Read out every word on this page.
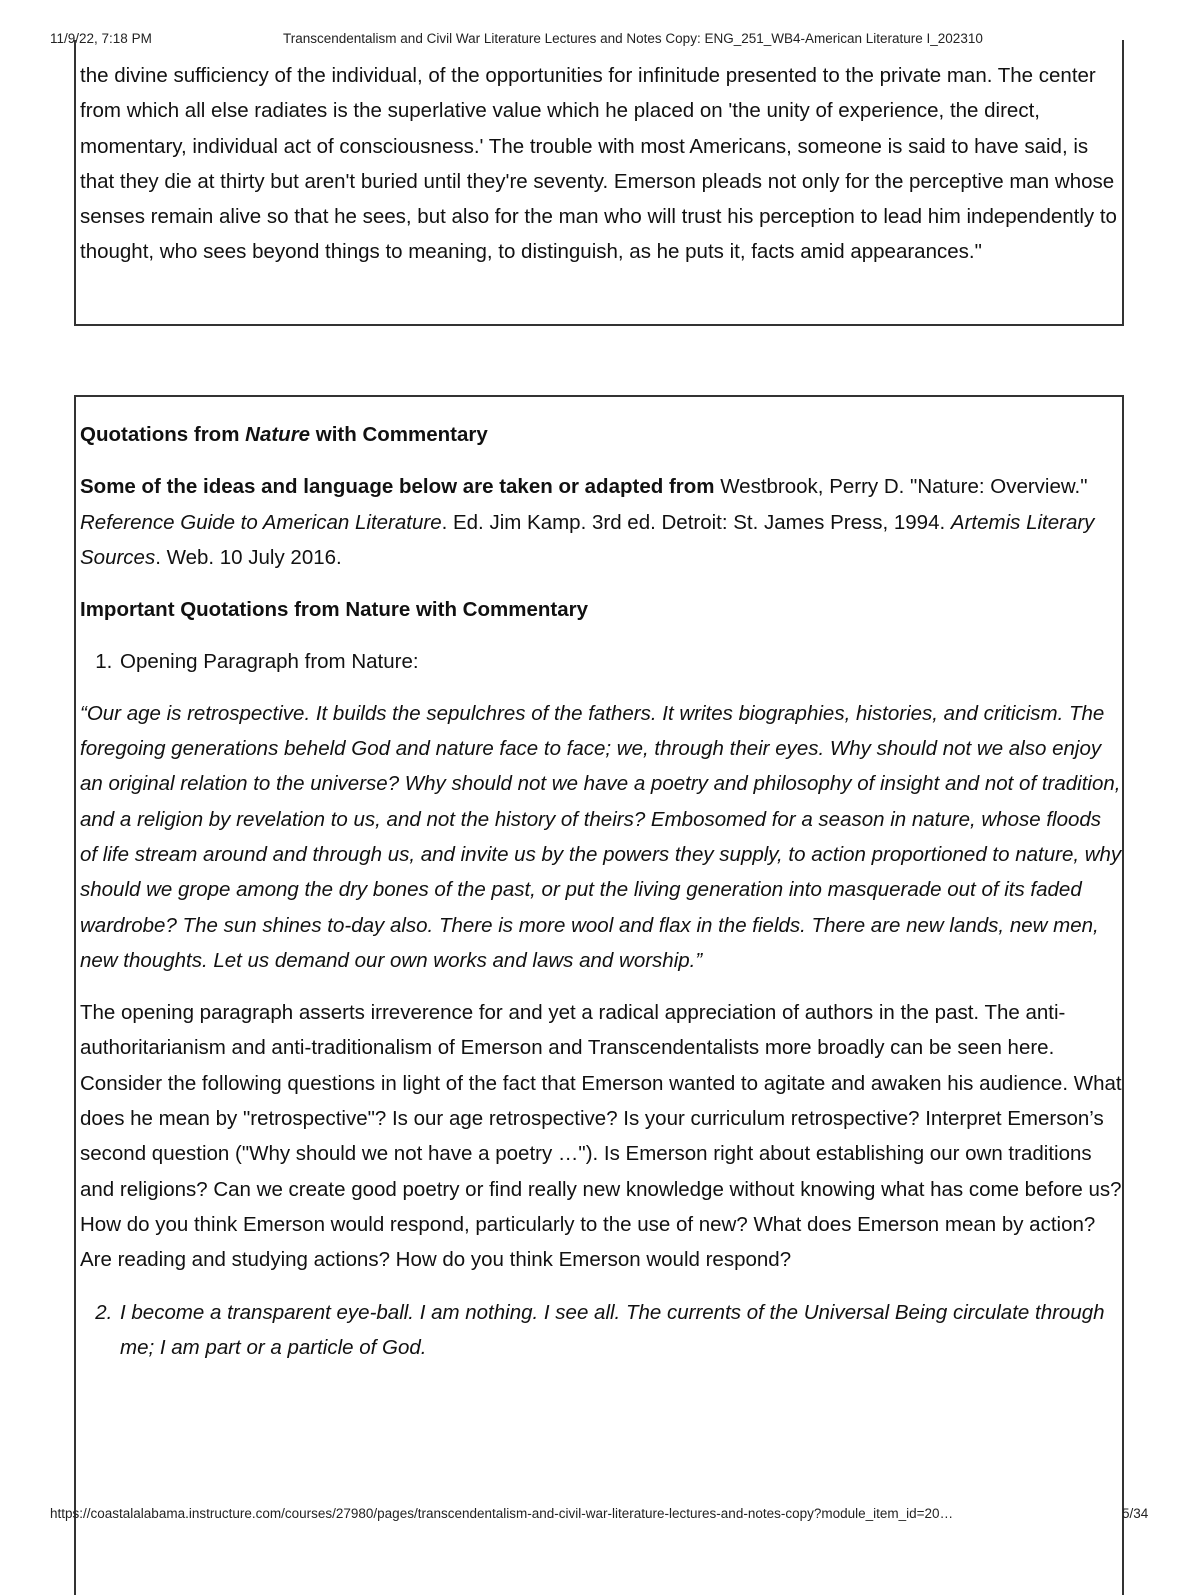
11/9/22, 7:18 PM	Transcendentalism and Civil War Literature Lectures and Notes Copy: ENG_251_WB4-American Literature I_202310

the divine sufficiency of the individual, of the opportunities for infinitude presented to the private man. The center from which all else radiates is the superlative value which he placed on 'the unity of experience, the direct, momentary, individual act of consciousness.' The trouble with most Americans, someone is said to have said, is that they die at thirty but aren't buried until they're seventy. Emerson pleads not only for the perceptive man whose senses remain alive so that he sees, but also for the man who will trust his perception to lead him independently to thought, who sees beyond things to meaning, to distinguish, as he puts it, facts amid appearances."

Quotations from Nature with Commentary

Some of the ideas and language below are taken or adapted from Westbrook, Perry D. "Nature: Overview." Reference Guide to American Literature. Ed. Jim Kamp. 3rd ed. Detroit: St. James Press, 1994. Artemis Literary Sources. Web. 10 July 2016.

Important Quotations from Nature with Commentary

1. Opening Paragraph from Nature:

“Our age is retrospective. It builds the sepulchres of the fathers. It writes biographies, histories, and criticism. The foregoing generations beheld God and nature face to face; we, through their eyes. Why should not we also enjoy an original relation to the universe? Why should not we have a poetry and philosophy of insight and not of tradition, and a religion by revelation to us, and not the history of theirs? Embosomed for a season in nature, whose floods of life stream around and through us, and invite us by the powers they supply, to action proportioned to nature, why should we grope among the dry bones of the past, or put the living generation into masquerade out of its faded wardrobe? The sun shines to-day also. There is more wool and flax in the fields. There are new lands, new men, new thoughts. Let us demand our own works and laws and worship.”

The opening paragraph asserts irreverence for and yet a radical appreciation of authors in the past. The anti-authoritarianism and anti-traditionalism of Emerson and Transcendentalists more broadly can be seen here. Consider the following questions in light of the fact that Emerson wanted to agitate and awaken his audience. What does he mean by "retrospective"? Is our age retrospective? Is your curriculum retrospective? Interpret Emerson’s second question ("Why should we not have a poetry …"). Is Emerson right about establishing our own traditions and religions? Can we create good poetry or find really new knowledge without knowing what has come before us? How do you think Emerson would respond, particularly to the use of new? What does Emerson mean by action? Are reading and studying actions? How do you think Emerson would respond?

2. I become a transparent eye-ball. I am nothing. I see all. The currents of the Universal Being circulate through me; I am part or a particle of God.
https://coastalalabama.instructure.com/courses/27980/pages/transcendentalism-and-civil-war-literature-lectures-and-notes-copy?module_item_id=20…	5/34
